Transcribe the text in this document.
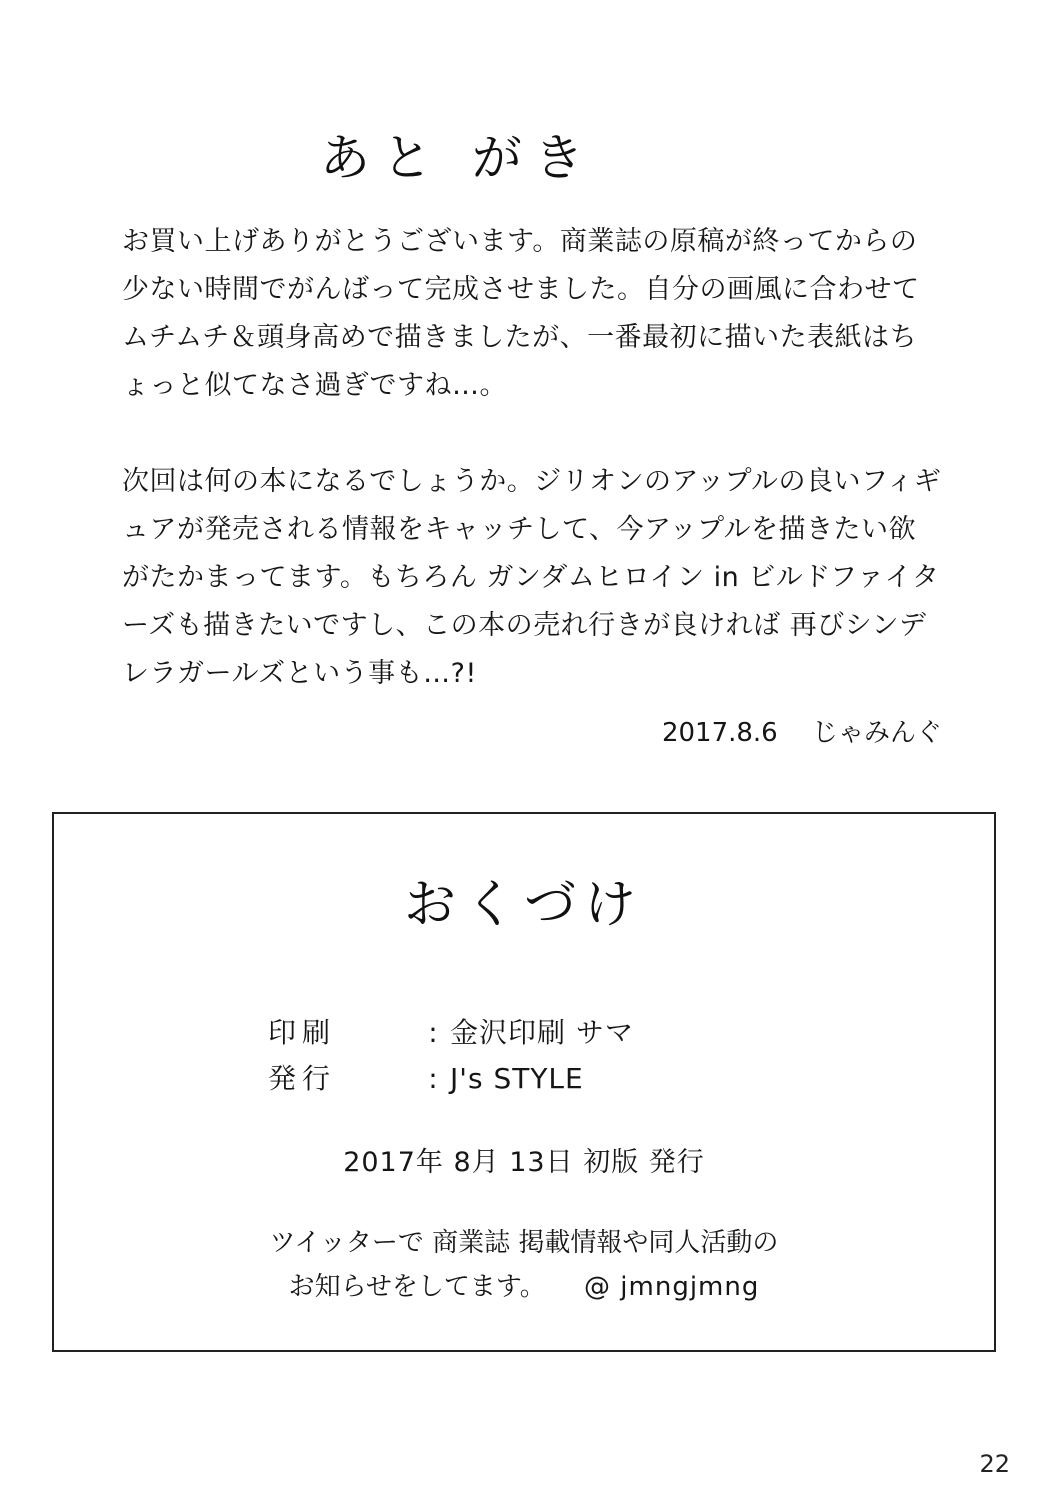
あと がき

お買い上げありがとうございます。商業誌の原稿が終ってからの少ない時間でがんばって完成させました。自分の画風に合わせてムチムチ＆頭身高めで描きましたが、一番最初に描いた表紙はちょっと似てなさ過ぎですね…。

次回は何の本になるでしょうか。ジリオンのアップルの良いフィギュアが発売される情報をキャッチして、今アップルを描きたい欲がたかまってます。もちろん ガンダムヒロイン in ビルドファイターズも描きたいですし、この本の売れ行きが良ければ 再びシンデレラガールズという事も…?!

2017.8.6 じゃみんぐ
おくづけ
印刷	: 金沢印刷 サマ
発行	: J's STYLE
2017年 8月 13日 初版 発行
ツイッターで 商業誌 掲載情報や同人活動の
お知らせをしてます。 @ jmngjmng
22
